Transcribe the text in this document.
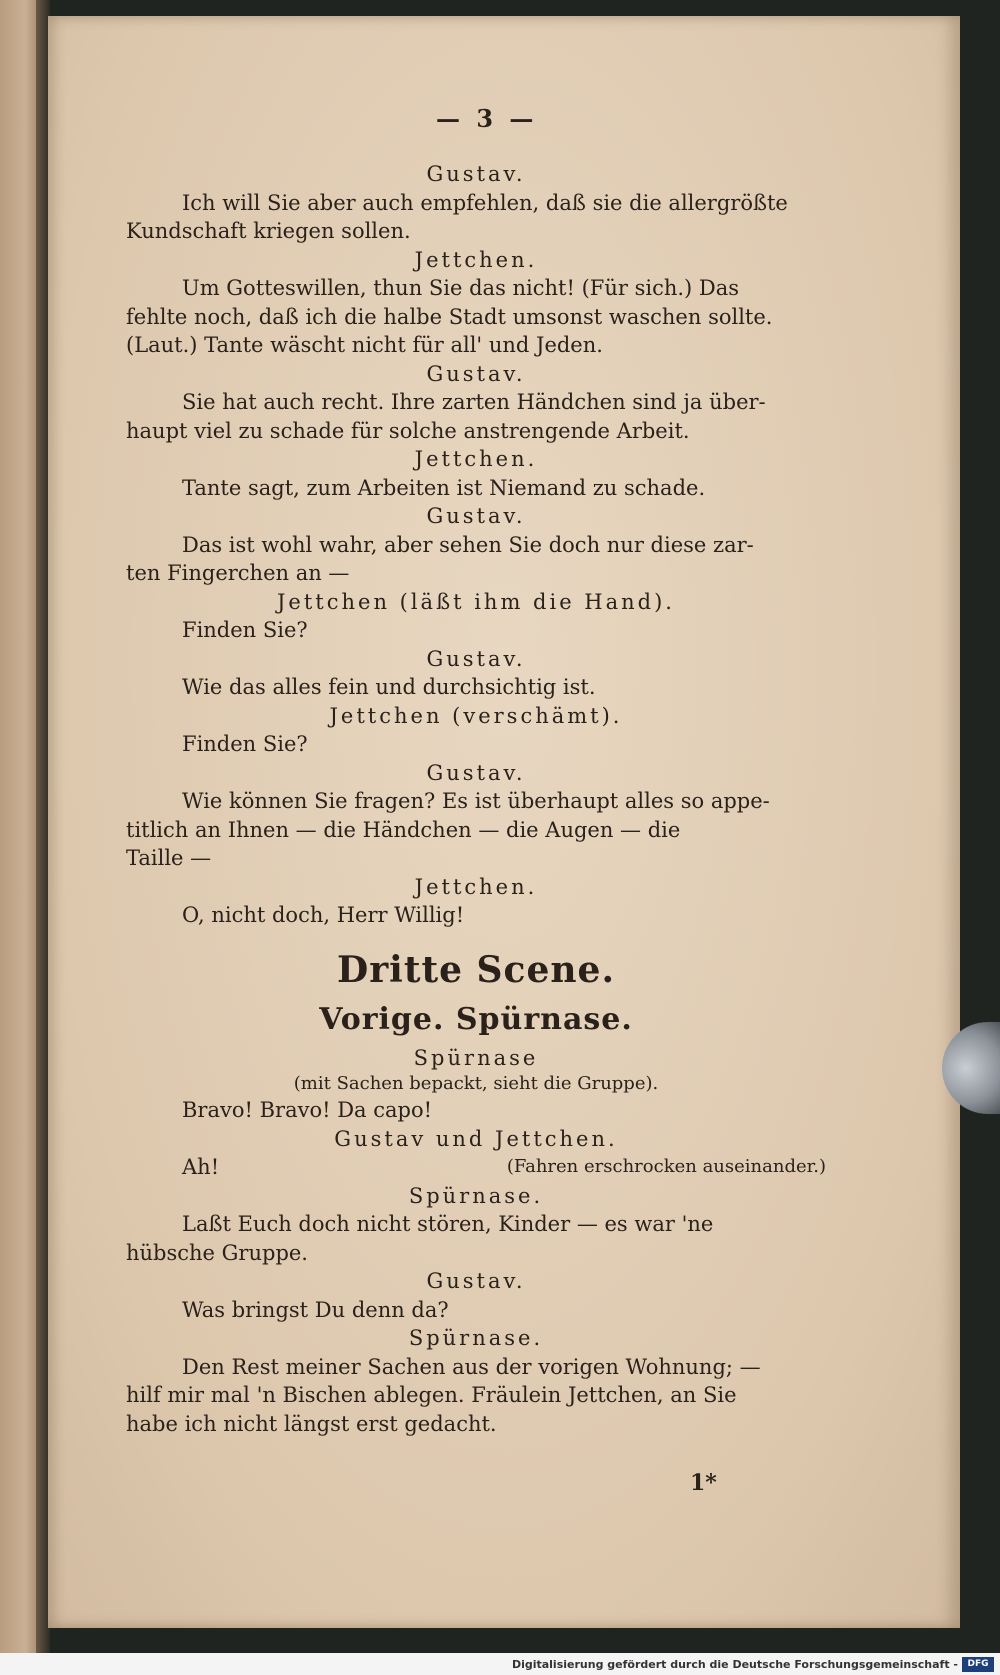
— 3 —
Gustav.
Ich will Sie aber auch empfehlen, daß sie die allergrößte
Kundschaft kriegen sollen.
Jettchen.
Um Gotteswillen, thun Sie das nicht! (Für sich.) Das
fehlte noch, daß ich die halbe Stadt umsonst waschen sollte.
(Laut.) Tante wäscht nicht für all' und Jeden.
Gustav.
Sie hat auch recht. Ihre zarten Händchen sind ja über-
haupt viel zu schade für solche anstrengende Arbeit.
Jettchen.
Tante sagt, zum Arbeiten ist Niemand zu schade.
Gustav.
Das ist wohl wahr, aber sehen Sie doch nur diese zar-
ten Fingerchen an —
Jettchen (läßt ihm die Hand).
Finden Sie?
Gustav.
Wie das alles fein und durchsichtig ist.
Jettchen (verschämt).
Finden Sie?
Gustav.
Wie können Sie fragen? Es ist überhaupt alles so appe-
titlich an Ihnen — die Händchen — die Augen — die
Taille —
Jettchen.
O, nicht doch, Herr Willig!
Dritte Scene.
Vorige. Spürnase.
Spürnase
(mit Sachen bepackt, sieht die Gruppe).
Bravo! Bravo! Da capo!
Gustav und Jettchen.
Ah!	(Fahren erschrocken auseinander.)
Spürnase.
Laßt Euch doch nicht stören, Kinder — es war 'ne
hübsche Gruppe.
Gustav.
Was bringst Du denn da?
Spürnase.
Den Rest meiner Sachen aus der vorigen Wohnung; —
hilf mir mal 'n Bischen ablegen. Fräulein Jettchen, an Sie
habe ich nicht längst erst gedacht.
1*
Digitalisierung gefördert durch die Deutsche Forschungsgemeinschaft -	DFG
